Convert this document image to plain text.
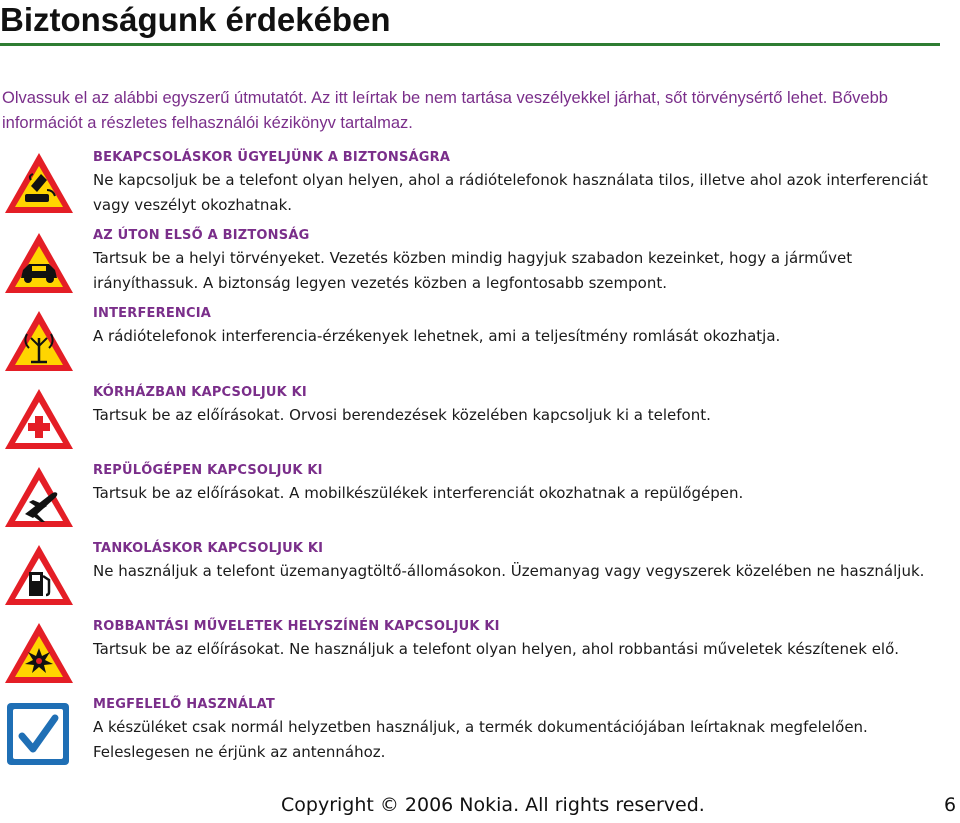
Biztonságunk érdekében
Olvassuk el az alábbi egyszerű útmutatót. Az itt leírtak be nem tartása veszélyekkel járhat, sőt törvénysértő lehet. Bővebb információt a részletes felhasználói kézikönyv tartalmaz.
BEKAPCSOLÁSKOR ÜGYELJÜNK A BIZTONSÁGRA
Ne kapcsoljuk be a telefont olyan helyen, ahol a rádiótelefonok használata tilos, illetve ahol azok interferenciát vagy veszélyt okozhatnak.
AZ ÚTON ELSŐ A BIZTONSÁG
Tartsuk be a helyi törvényeket. Vezetés közben mindig hagyjuk szabadon kezeinket, hogy a járművet irányíthassuk. A biztonság legyen vezetés közben a legfontosabb szempont.
INTERFERENCIA
A rádiótelefonok interferencia-érzékenyek lehetnek, ami a teljesítmény romlását okozhatja.
KÓRHÁZBAN KAPCSOLJUK KI
Tartsuk be az előírásokat. Orvosi berendezések közelében kapcsoljuk ki a telefont.
REPÜLŐGÉPEN KAPCSOLJUK KI
Tartsuk be az előírásokat. A mobilkészülékek interferenciát okozhatnak a repülőgépen.
TANKOLÁSKOR KAPCSOLJUK KI
Ne használjuk a telefont üzemanyagtöltő-állomásokon. Üzemanyag vagy vegyszerek közelében ne használjuk.
ROBBANTÁSI MŰVELETEK HELYSZÍNÉN KAPCSOLJUK KI
Tartsuk be az előírásokat. Ne használjuk a telefont olyan helyen, ahol robbantási műveletek készítenek elő.
MEGFELELŐ HASZNÁLAT
A készüléket csak normál helyzetben használjuk, a termék dokumentációjában leírtaknak megfelelően. Feleslegesen ne érjünk az antennához.
Copyright © 2006 Nokia. All rights reserved.	6
